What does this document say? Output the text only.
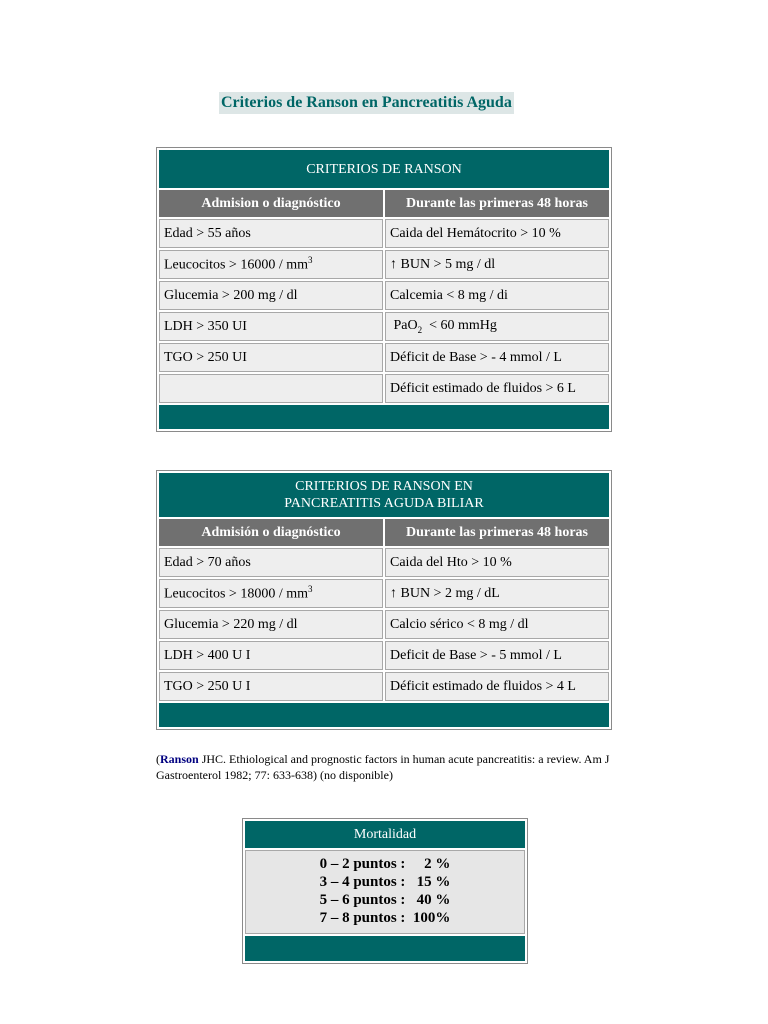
Criterios de Ranson en Pancreatitis Aguda
CRITERIOS DE RANSON	
Admision o diagnóstico	Durante las primeras 48 horas
Edad > 55 años	Caida del Hemátocrito > 10 %
Leucocitos > $16000 / mm^3$	↑ BUN > 5 mg / dl
Glucemia > 200 mg / dl	Calcemia < 8 mg / di
LDH > 350 UI	PaO$_2$  < 60 mmHg
TGO > 250 UI	Déficit de Base > - 4 mmol / L
	Déficit estimado de fluidos > 6 L

CRITERIOS DE RANSON EN
PANCREATITIS AGUDA BILIAR	

Admisión o diagnóstico	Durante las primeras 48 horas
Edad > 70 años	Caida del Hto > 10 %
Leucocitos > $18000 / mm^3$	↑ BUN > 2 mg / dL
Glucemia > 220 mg / dl	Calcio sérico < 8 mg / dl
LDH > 400 U I	Deficit de Base > - 5 mmol / L
TGO > 250 U I	Déficit estimado de fluidos > 4 L

(Ranson JHC. Ethiological and prognostic factors in human acute pancreatitis: a review. Am J Gastroenterol 1982; 77: 633-638) (no disponible)
Mortalidad

0 – 2 puntos :     2 %
3 – 4 puntos :   15 %
5 – 6 puntos :   40 %
7 – 8 puntos :  100%
